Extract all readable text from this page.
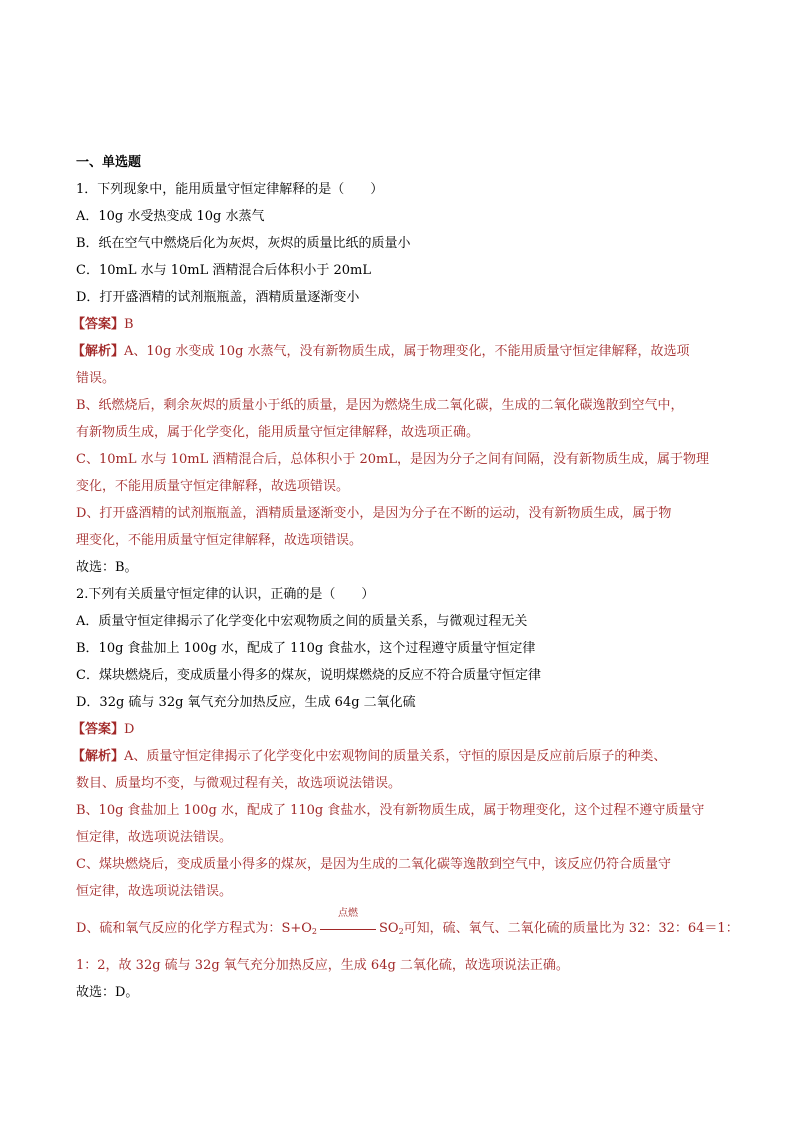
一、单选题
1．下列现象中，能用质量守恒定律解释的是（　　）
A．10g 水受热变成 10g 水蒸气
B．纸在空气中燃烧后化为灰烬，灰烬的质量比纸的质量小
C．10mL 水与 10mL 酒精混合后体积小于 20mL
D．打开盛酒精的试剂瓶瓶盖，酒精质量逐渐变小
【答案】B
【解析】A、10g 水变成 10g 水蒸气，没有新物质生成，属于物理变化，不能用质量守恒定律解释，故选项
错误。
B、纸燃烧后，剩余灰烬的质量小于纸的质量，是因为燃烧生成二氧化碳，生成的二氧化碳逸散到空气中，
有新物质生成，属于化学变化，能用质量守恒定律解释，故选项正确。
C、10mL 水与 10mL 酒精混合后，总体积小于 20mL，是因为分子之间有间隔，没有新物质生成，属于物理
变化，不能用质量守恒定律解释，故选项错误。
D、打开盛酒精的试剂瓶瓶盖，酒精质量逐渐变小，是因为分子在不断的运动，没有新物质生成，属于物
理变化，不能用质量守恒定律解释，故选项错误。
故选：B。
2.下列有关质量守恒定律的认识，正确的是（　　）
A．质量守恒定律揭示了化学变化中宏观物质之间的质量关系，与微观过程无关
B．10g 食盐加上 100g 水，配成了 110g 食盐水，这个过程遵守质量守恒定律
C．煤块燃烧后，变成质量小得多的煤灰，说明煤燃烧的反应不符合质量守恒定律
D．32g 硫与 32g 氧气充分加热反应，生成 64g 二氧化硫
【答案】D
【解析】A、质量守恒定律揭示了化学变化中宏观物间的质量关系，守恒的原因是反应前后原子的种类、
数目、质量均不变，与微观过程有关，故选项说法错误。
B、10g 食盐加上 100g 水，配成了 110g 食盐水，没有新物质生成，属于物理变化，这个过程不遵守质量守
恒定律，故选项说法错误。
C、煤块燃烧后，变成质量小得多的煤灰，是因为生成的二氧化碳等逸散到空气中，该反应仍符合质量守
恒定律，故选项说法错误。
D、硫和氧气反应的化学方程式为：$S+O_2$
点燃
$SO_2$可知，硫、氧气、二氧化硫的质量比为 32：32：64＝1：
1：2，故 32g 硫与 32g 氧气充分加热反应，生成 64g 二氧化硫，故选项说法正确。
故选：D。
